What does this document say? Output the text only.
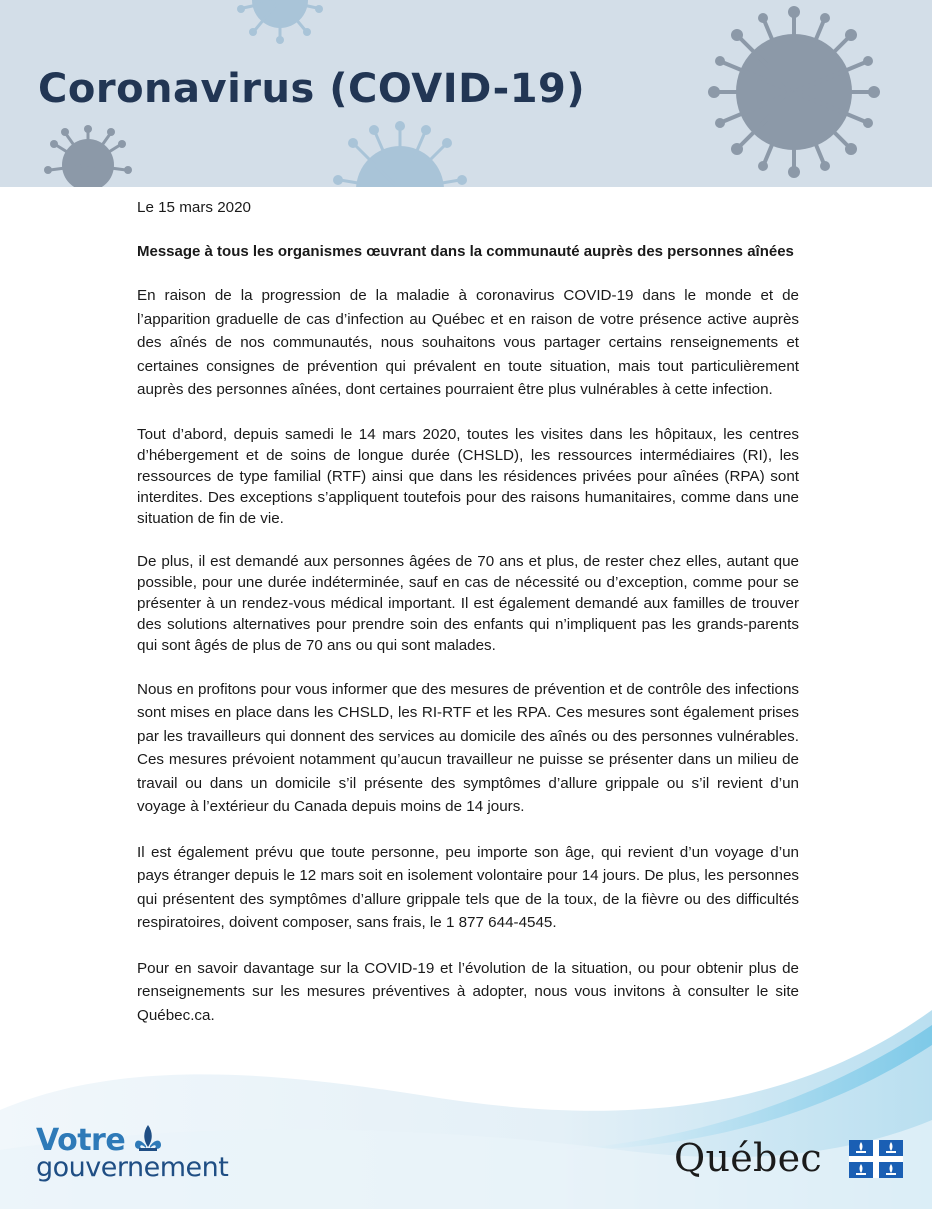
Coronavirus (COVID-19)

Le 15 mars 2020

Message à tous les organismes œuvrant dans la communauté auprès des personnes aînées

En raison de la progression de la maladie à coronavirus COVID-19 dans le monde et de l’apparition graduelle de cas d’infection au Québec et en raison de votre présence active auprès des aînés de nos communautés, nous souhaitons vous partager certains renseignements et certaines consignes de prévention qui prévalent en toute situation, mais tout particulièrement auprès des personnes aînées, dont certaines pourraient être plus vulnérables à cette infection.

Tout d’abord, depuis samedi le 14 mars 2020, toutes les visites dans les hôpitaux, les centres d’hébergement et de soins de longue durée (CHSLD), les ressources intermédiaires (RI), les ressources de type familial (RTF) ainsi que dans les résidences privées pour aînées (RPA) sont interdites. Des exceptions s’appliquent toutefois pour des raisons humanitaires, comme dans une situation de fin de vie.

De plus, il est demandé aux personnes âgées de 70 ans et plus, de rester chez elles, autant que possible, pour une durée indéterminée, sauf en cas de nécessité ou d’exception, comme pour se présenter à un rendez-vous médical important. Il est également demandé aux familles de trouver des solutions alternatives pour prendre soin des enfants qui n’impliquent pas les grands-parents qui sont âgés de plus de 70 ans ou qui sont malades.

Nous en profitons pour vous informer que des mesures de prévention et de contrôle des infections sont mises en place dans les CHSLD, les RI-RTF et les RPA. Ces mesures sont également prises par les travailleurs qui donnent des services au domicile des aînés ou des personnes vulnérables. Ces mesures prévoient notamment qu’aucun travailleur ne puisse se présenter dans un milieu de travail ou dans un domicile s’il présente des symptômes d’allure grippale ou s’il revient d’un voyage à l’extérieur du Canada depuis moins de 14 jours.

Il est également prévu que toute personne, peu importe son âge, qui revient d’un voyage d’un pays étranger depuis le 12 mars soit en isolement volontaire pour 14 jours. De plus, les personnes qui présentent des symptômes d’allure grippale tels que de la toux, de la fièvre ou des difficultés respiratoires, doivent composer, sans frais, le 1 877 644-4545.

Pour en savoir davantage sur la COVID-19 et l’évolution de la situation, ou pour obtenir plus de renseignements sur les mesures préventives à adopter, nous vous invitons à consulter le site Québec.ca.

Votre
gouvernement	Québec
